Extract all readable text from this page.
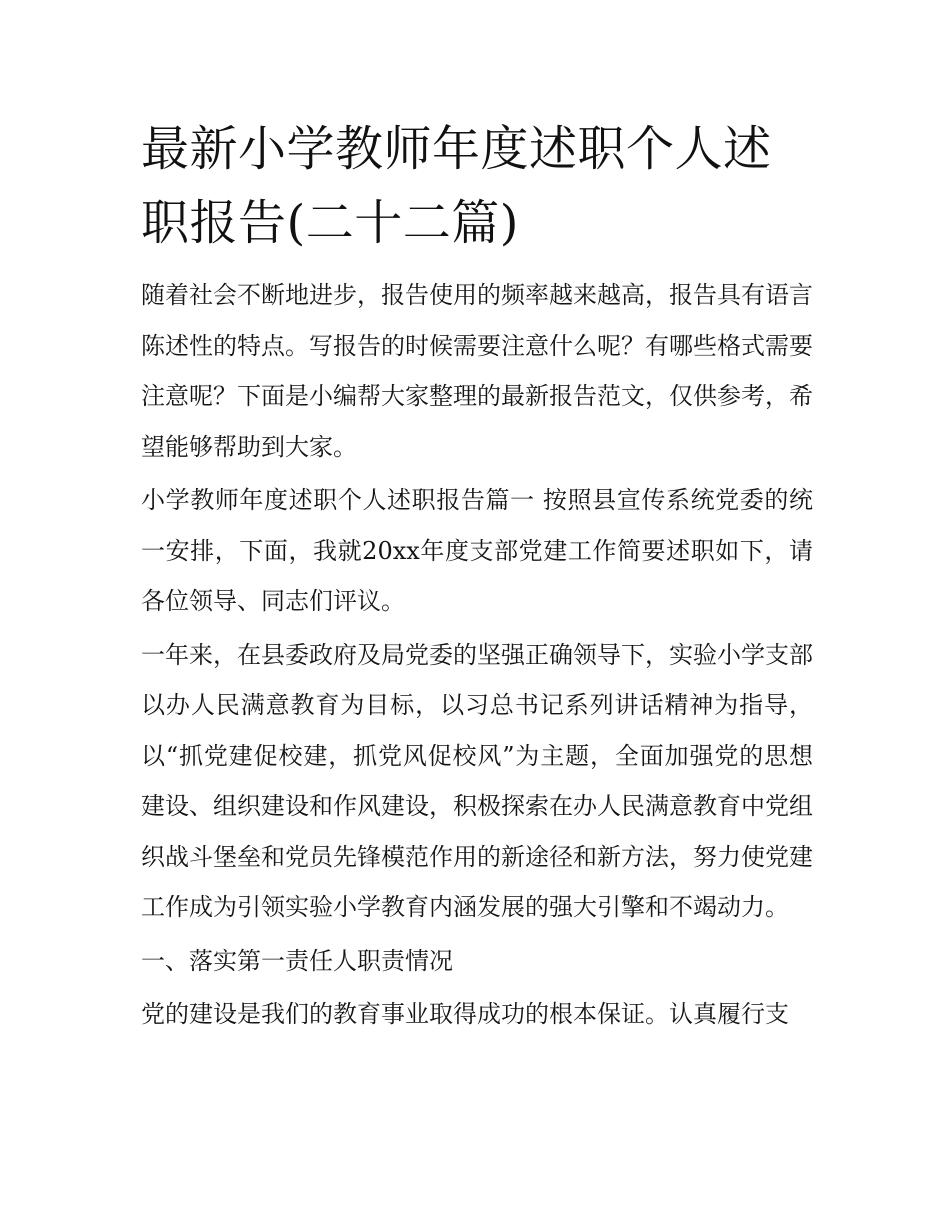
最新小学教师年度述职个人述职报告(二十二篇)

随着社会不断地进步，报告使用的频率越来越高，报告具有语言陈述性的特点。写报告的时候需要注意什么呢？有哪些格式需要注意呢？下面是小编帮大家整理的最新报告范文，仅供参考，希望能够帮助到大家。

小学教师年度述职个人述职报告篇一 按照县宣传系统党委的统一安排，下面，我就20xx年度支部党建工作简要述职如下，请各位领导、同志们评议。

一年来，在县委政府及局党委的坚强正确领导下，实验小学支部以办人民满意教育为目标，以习总书记系列讲话精神为指导，以“抓党建促校建，抓党风促校风”为主题，全面加强党的思想建设、组织建设和作风建设，积极探索在办人民满意教育中党组织战斗堡垒和党员先锋模范作用的新途径和新方法，努力使党建工作成为引领实验小学教育内涵发展的强大引擎和不竭动力。

一、落实第一责任人职责情况

党的建设是我们的教育事业取得成功的根本保证。认真履行支
